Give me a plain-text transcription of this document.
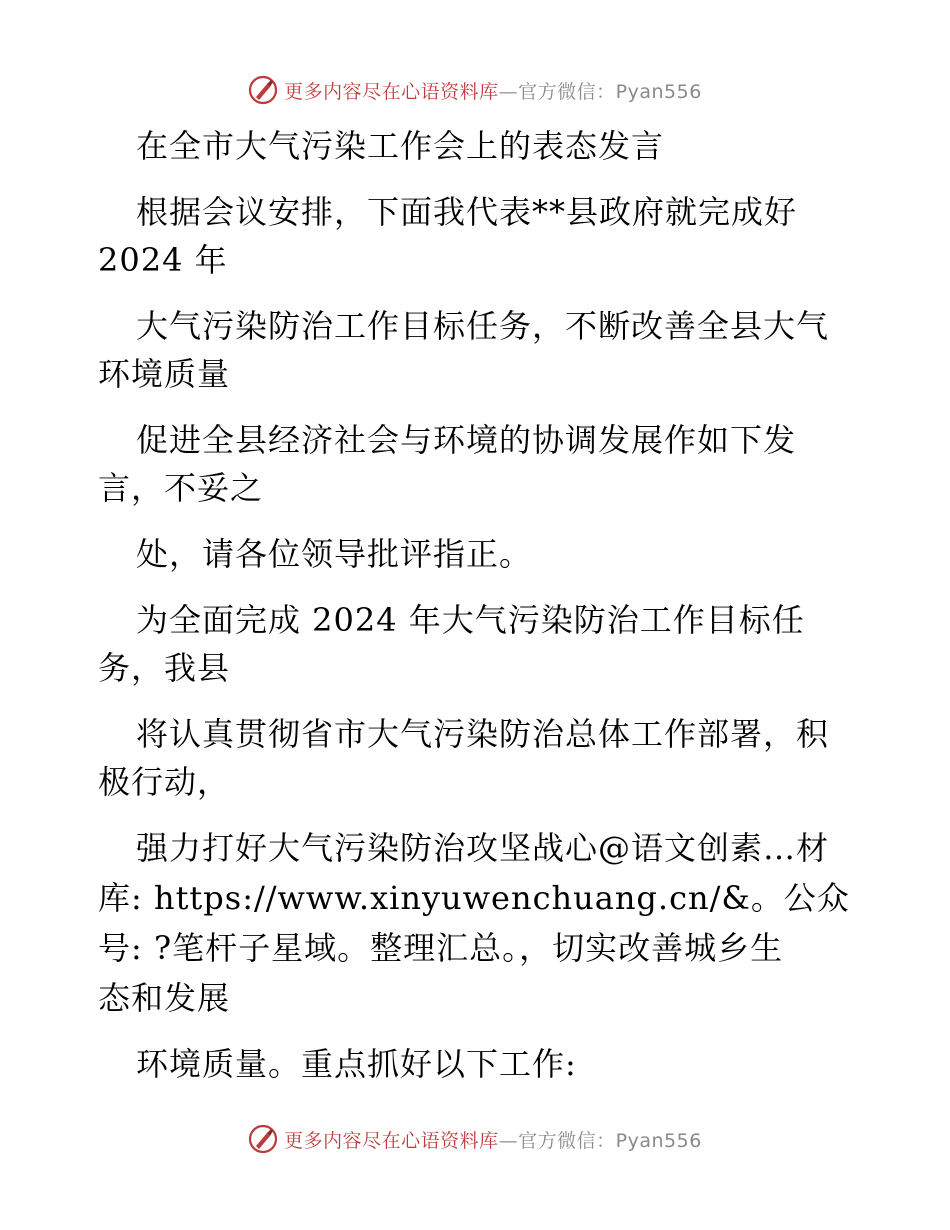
更多内容尽在心语资料库—官方微信：Pyan556

在全市大气污染工作会上的表态发言

根据会议安排，下面我代表**县政府就完成好

2024 年

大气污染防治工作目标任务，不断改善全县大气

环境质量

促进全县经济社会与环境的协调发展作如下发

言，不妥之

处，请各位领导批评指正。

为全面完成 2024 年大气污染防治工作目标任

务，我县

将认真贯彻省市大气污染防治总体工作部署，积

极行动，

强力打好大气污染防治攻坚战心@语文创素…材

库: https://www.xinyuwenchuang.cn/&。公众

号: ?笔杆子星域。整理汇总。，切实改善城乡生

态和发展

环境质量。重点抓好以下工作:

更多内容尽在心语资料库—官方微信：Pyan556
